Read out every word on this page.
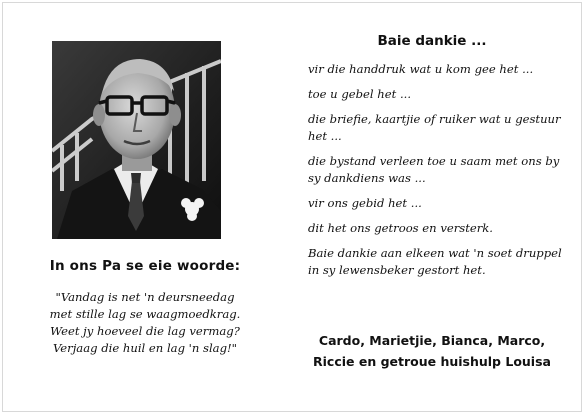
In ons Pa se eie woorde:
"Vandag is net 'n deursneedag
met stille lag se waagmoedkrag.
Weet jy hoeveel die lag vermag?
Verjaag die huil en lag 'n slag!"
Baie dankie ...
vir die handdruk wat u kom gee het ...
toe u gebel het ...
die briefie, kaartjie of ruiker wat u gestuur het ...
die bystand verleen toe u saam met ons by sy dankdiens was ...
vir ons gebid het ...
dit het ons getroos en versterk.
Baie dankie aan elkeen wat 'n soet druppel in sy lewensbeker gestort het.
Cardo, Marietjie, Bianca, Marco,
Riccie en getroue huishulp Louisa
